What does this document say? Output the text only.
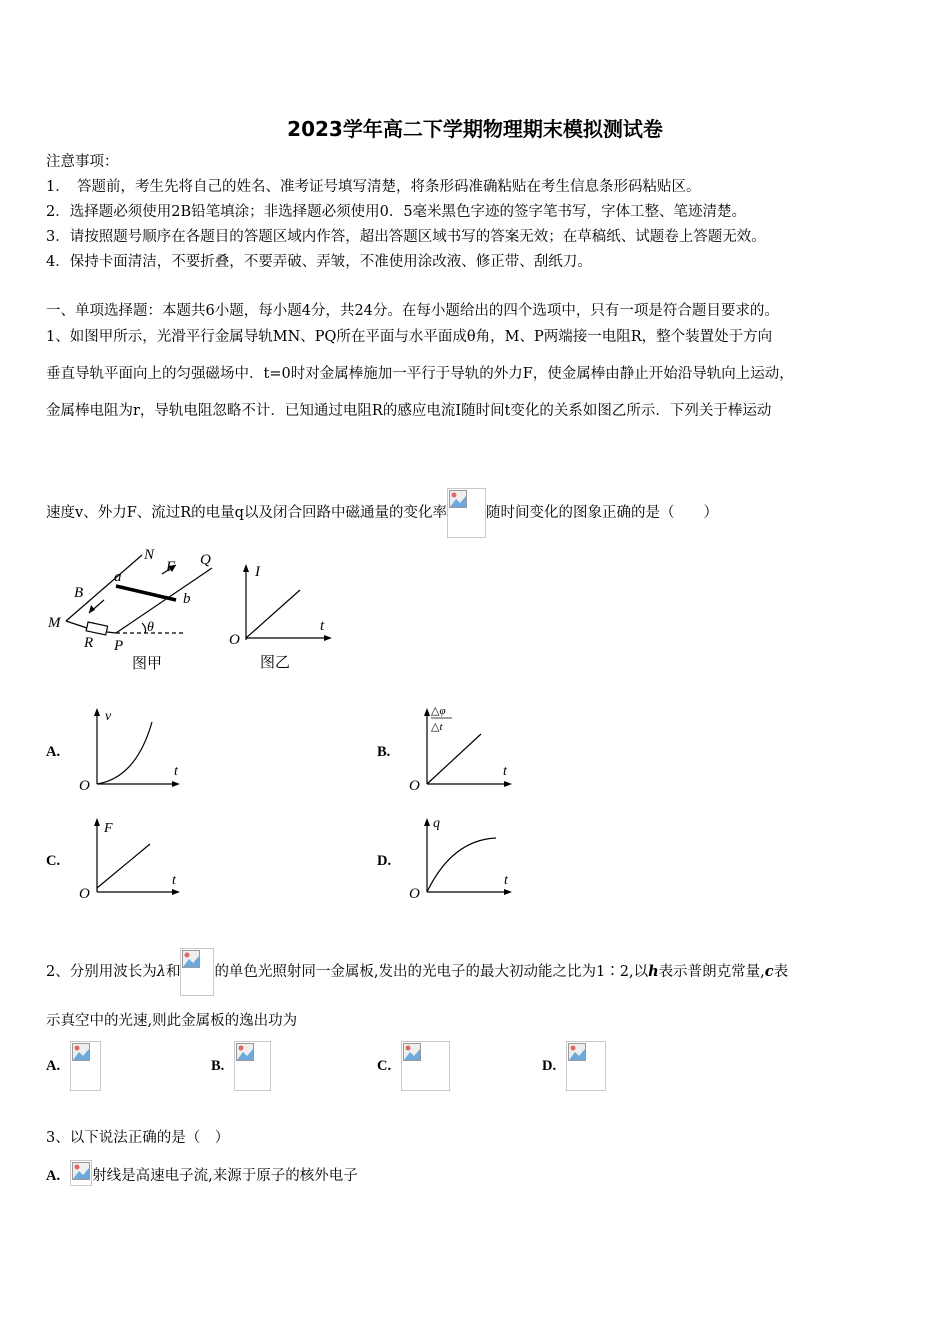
2023学年高二下学期物理期末模拟测试卷
注意事项：
1．　答题前，考生先将自己的姓名、准考证号填写清楚，将条形码准确粘贴在考生信息条形码粘贴区。
2．选择题必须使用2B铅笔填涂；非选择题必须使用0．5毫米黑色字迹的签字笔书写，字体工整、笔迹清楚。
3．请按照题号顺序在各题目的答题区域内作答，超出答题区域书写的答案无效；在草稿纸、试题卷上答题无效。
4．保持卡面清洁，不要折叠，不要弄破、弄皱，不准使用涂改液、修正带、刮纸刀。
一、单项选择题：本题共6小题，每小题4分，共24分。在每小题给出的四个选项中，只有一项是符合题目要求的。
1、如图甲所示，光滑平行金属导轨MN、PQ所在平面与水平面成θ角，M、P两端接一电阻R，整个装置处于方向
垂直导轨平面向上的匀强磁场中．t=0时对金属棒施加一平行于导轨的外力F，使金属棒由静止开始沿导轨向上运动，
金属棒电阻为r，导轨电阻忽略不计．已知通过电阻R的感应电流I随时间t变化的关系如图乙所示．下列关于棒运动
速度v、外力F、流过R的电量q以及闭合回路中磁通量的变化率	随时间变化的图象正确的是（　　）
N	Q
a
b
F
B
M
R P
θ
图甲
I
t
O
图乙
A.
v
t
O
B.
△φ
△t
t
O
C.
F
t
O
D.
q
t
O
2、分别用波长为λ和 的单色光照射同一金属板,发出的光电子的最大初动能之比为1∶2,以h表示普朗克常量,c表
示真空中的光速,则此金属板的逸出功为
A.	B.	C.	D.
3、以下说法正确的是（　）
A. 射线是高速电子流,来源于原子的核外电子
